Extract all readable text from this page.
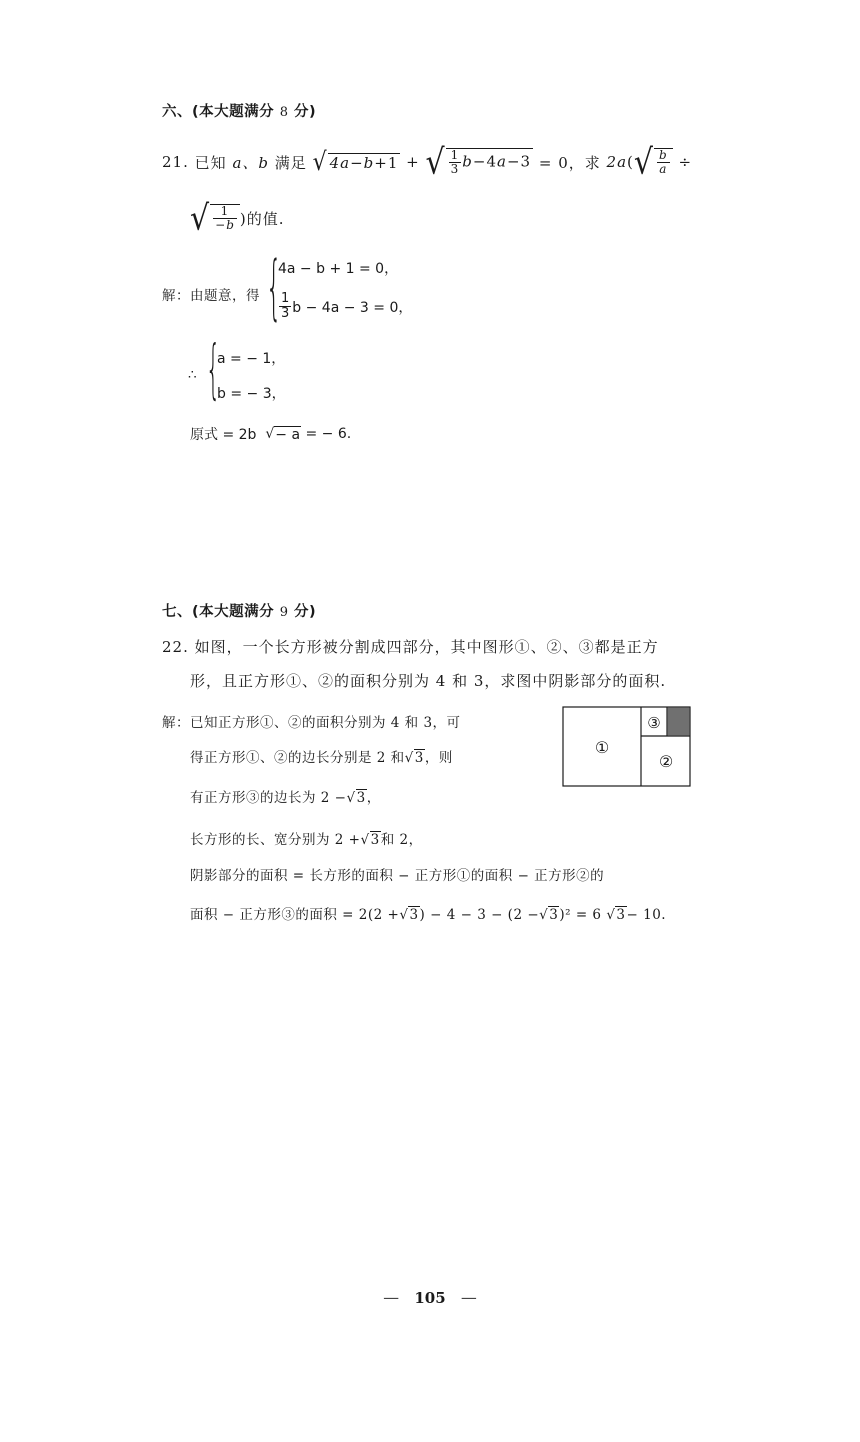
六、(本大题满分 8 分)
21.
已知
a、b
满足
√ 4a−b+1 + √ $\frac{1}{3} b-4a-3$
= 0，求
2a ( √ $\frac{b}{a}$ ÷
√ $\frac{1}{-b}$ )的值.
解：由题意，得 {
4a − b + 1 = 0，
$\frac{1}{3}$ b − 4a − 3 = 0，
∴ {
a = − 1，
b = − 3，
原式 = 2b
√ − a
= − 6.
七、(本大题满分 9 分)
22. 如图，一个长方形被分割成四部分，其中图形①、②、③都是正方
形，且正方形①、②的面积分别为 4 和 3，求图中阴影部分的面积.
解：已知正方形①、②的面积分别为 4 和 3，可
得正方形①、②的边长分别是 2 和√3，则
有正方形③的边长为 2 −√3，
长方形的长、宽分别为 2 +√3和 2，
阴影部分的面积 = 长方形的面积 − 正方形①的面积 − 正方形②的
面积 − 正方形③的面积 = 2(2 +√3) − 4 − 3 − (2 −√3)² = 6 √3− 10.
①
③
②
— 105 —
